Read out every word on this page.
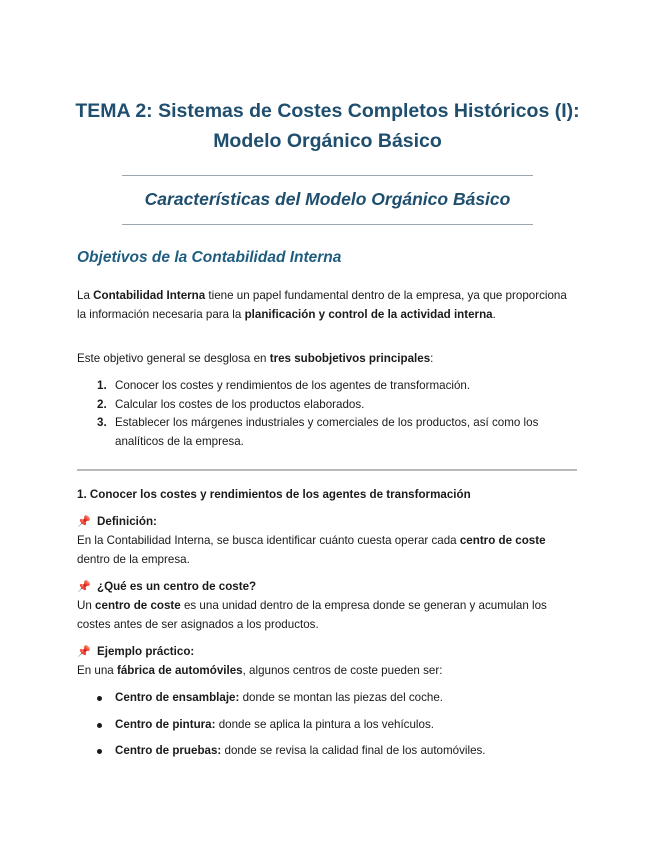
TEMA 2: Sistemas de Costes Completos Históricos (I):
Modelo Orgánico Básico
Características del Modelo Orgánico Básico
Objetivos de la Contabilidad Interna

La Contabilidad Interna tiene un papel fundamental dentro de la empresa, ya que proporciona la información necesaria para la planificación y control de la actividad interna.

Este objetivo general se desglosa en tres subobjetivos principales:

1. Conocer los costes y rendimientos de los agentes de transformación.
2. Calcular los costes de los productos elaborados.
3. Establecer los márgenes industriales y comerciales de los productos, así como los analíticos de la empresa.
1. Conocer los costes y rendimientos de los agentes de transformación

📌 Definición:

En la Contabilidad Interna, se busca identificar cuánto cuesta operar cada centro de coste dentro de la empresa.

📌 ¿Qué es un centro de coste?

Un centro de coste es una unidad dentro de la empresa donde se generan y acumulan los costes antes de ser asignados a los productos.

📌 Ejemplo práctico:

En una fábrica de automóviles, algunos centros de coste pueden ser:

Centro de ensamblaje: donde se montan las piezas del coche.
Centro de pintura: donde se aplica la pintura a los vehículos.
Centro de pruebas: donde se revisa la calidad final de los automóviles.
